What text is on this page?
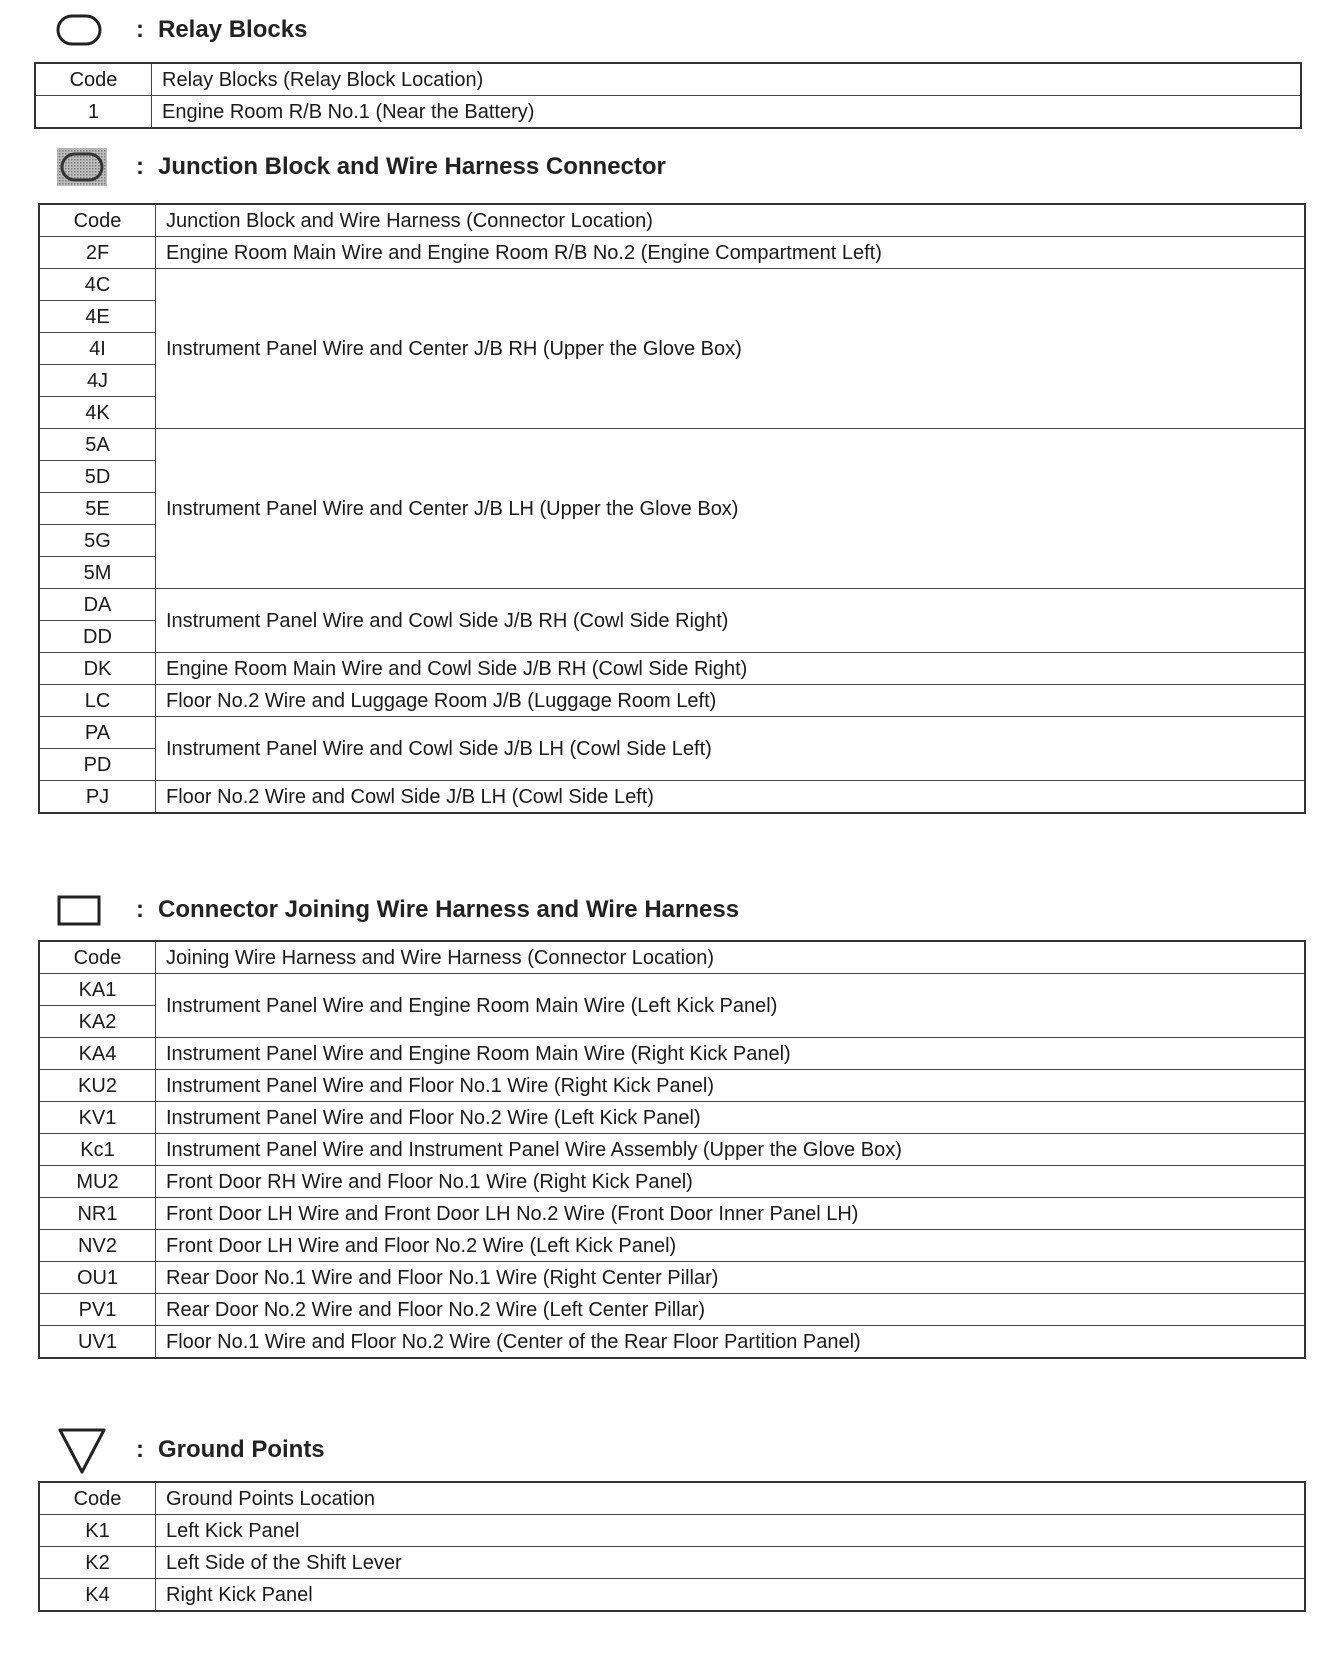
: Relay Blocks
Code	Relay Blocks (Relay Block Location)
1	Engine Room R/B No.1 (Near the Battery)
: Junction Block and Wire Harness Connector
Code	Junction Block and Wire Harness (Connector Location)
2F	Engine Room Main Wire and Engine Room R/B No.2 (Engine Compartment Left)
4C	Instrument Panel Wire and Center J/B RH (Upper the Glove Box)
4E	
4I	
4J	
4K	
5A	Instrument Panel Wire and Center J/B LH (Upper the Glove Box)
5D	
5E	
5G	
5M	
DA	Instrument Panel Wire and Cowl Side J/B RH (Cowl Side Right)
DD	
DK	Engine Room Main Wire and Cowl Side J/B RH (Cowl Side Right)
LC	Floor No.2 Wire and Luggage Room J/B (Luggage Room Left)
PA	Instrument Panel Wire and Cowl Side J/B LH (Cowl Side Left)
PD	
PJ	Floor No.2 Wire and Cowl Side J/B LH (Cowl Side Left)
: Connector Joining Wire Harness and Wire Harness
Code	Joining Wire Harness and Wire Harness (Connector Location)
KA1	Instrument Panel Wire and Engine Room Main Wire (Left Kick Panel)
KA2	
KA4	Instrument Panel Wire and Engine Room Main Wire (Right Kick Panel)
KU2	Instrument Panel Wire and Floor No.1 Wire (Right Kick Panel)
KV1	Instrument Panel Wire and Floor No.2 Wire (Left Kick Panel)
Kc1	Instrument Panel Wire and Instrument Panel Wire Assembly (Upper the Glove Box)
MU2	Front Door RH Wire and Floor No.1 Wire (Right Kick Panel)
NR1	Front Door LH Wire and Front Door LH No.2 Wire (Front Door Inner Panel LH)
NV2	Front Door LH Wire and Floor No.2 Wire (Left Kick Panel)
OU1	Rear Door No.1 Wire and Floor No.1 Wire (Right Center Pillar)
PV1	Rear Door No.2 Wire and Floor No.2 Wire (Left Center Pillar)
UV1	Floor No.1 Wire and Floor No.2 Wire (Center of the Rear Floor Partition Panel)
: Ground Points
Code	Ground Points Location
K1	Left Kick Panel
K2	Left Side of the Shift Lever
K4	Right Kick Panel
